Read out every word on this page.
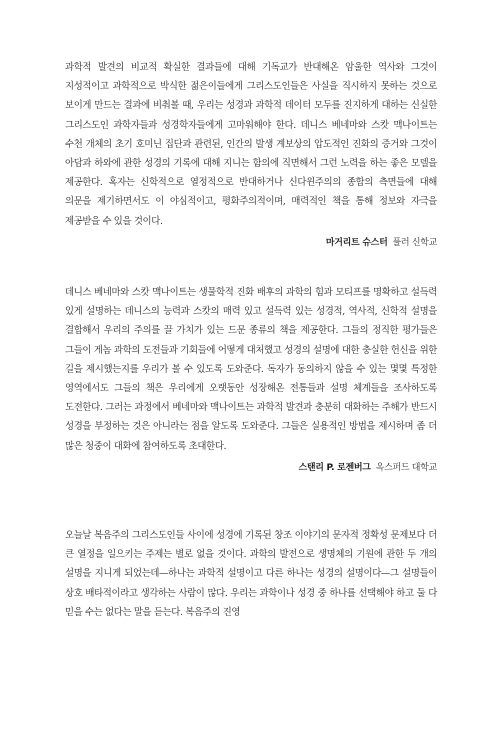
과학적 발견의 비교적 확실한 결과들에 대해 기독교가 반대해온 암울한 역사와 그것이 지성적이고 과학적으로 박식한 젊은이들에게 그리스도인들은 사실을 직시하지 못하는 것으로 보이게 만드는 결과에 비춰볼 때, 우리는 성경과 과학적 데이터 모두를 진지하게 대하는 신실한 그리스도인 과학자들과 성경학자들에게 고마워해야 한다. 데니스 베네마와 스캇 맥나이트는 수천 개체의 초기 호미닌 집단과 관련된, 인간의 발생 계보상의 압도적인 진화의 증거와 그것이 아담과 하와에 관한 성경의 기록에 대해 지니는 함의에 직면해서 그런 노력을 하는 좋은 모델을 제공한다. 혹자는 신학적으로 열정적으로 반대하거나 신다윈주의의 종합의 측면들에 대해 의문을 제기하면서도 이 야심적이고, 평화주의적이며, 매력적인 책을 통해 정보와 자극을 제공받을 수 있을 것이다.

마거리트 슈스터 풀러 신학교

데니스 베네마와 스캇 맥나이트는 생물학적 진화 배후의 과학의 힘과 모티프를 명확하고 설득력 있게 설명하는 데니스의 능력과 스캇의 매력 있고 설득력 있는 성경적, 역사적, 신학적 설명을 결합해서 우리의 주의를 끌 가치가 있는 드문 종류의 책을 제공한다. 그들의 정직한 평가들은 그들이 게놈 과학의 도전들과 기회들에 어떻게 대처했고 성경의 설명에 대한 충실한 헌신을 위한 길을 제시했는지를 우리가 볼 수 있도록 도와준다. 독자가 동의하지 않을 수 있는 몇몇 특정한 영역에서도 그들의 책은 우리에게 오랫동안 성장해온 전통들과 설명 체계들을 조사하도록 도전한다. 그러는 과정에서 베네마와 맥나이트는 과학적 발견과 충분히 대화하는 주해가 반드시 성경을 부정하는 것은 아니라는 점을 알도록 도와준다. 그들은 실용적인 방법을 제시하며 좀 더 많은 청중이 대화에 참여하도록 초대한다.

스탠리 P. 로젠버그 옥스퍼드 대학교

오늘날 복음주의 그리스도인들 사이에 성경에 기록된 창조 이야기의 문자적 정확성 문제보다 더 큰 열정을 일으키는 주제는 별로 없을 것이다. 과학의 발전으로 생명체의 기원에 관한 두 개의 설명을 지니게 되었는데—하나는 과학적 설명이고 다른 하나는 성경의 설명이다—그 설명들이 상호 배타적이라고 생각하는 사람이 많다. 우리는 과학이나 성경 중 하나를 선택해야 하고 둘 다 믿을 수는 없다는 말을 듣는다. 복음주의 진영
